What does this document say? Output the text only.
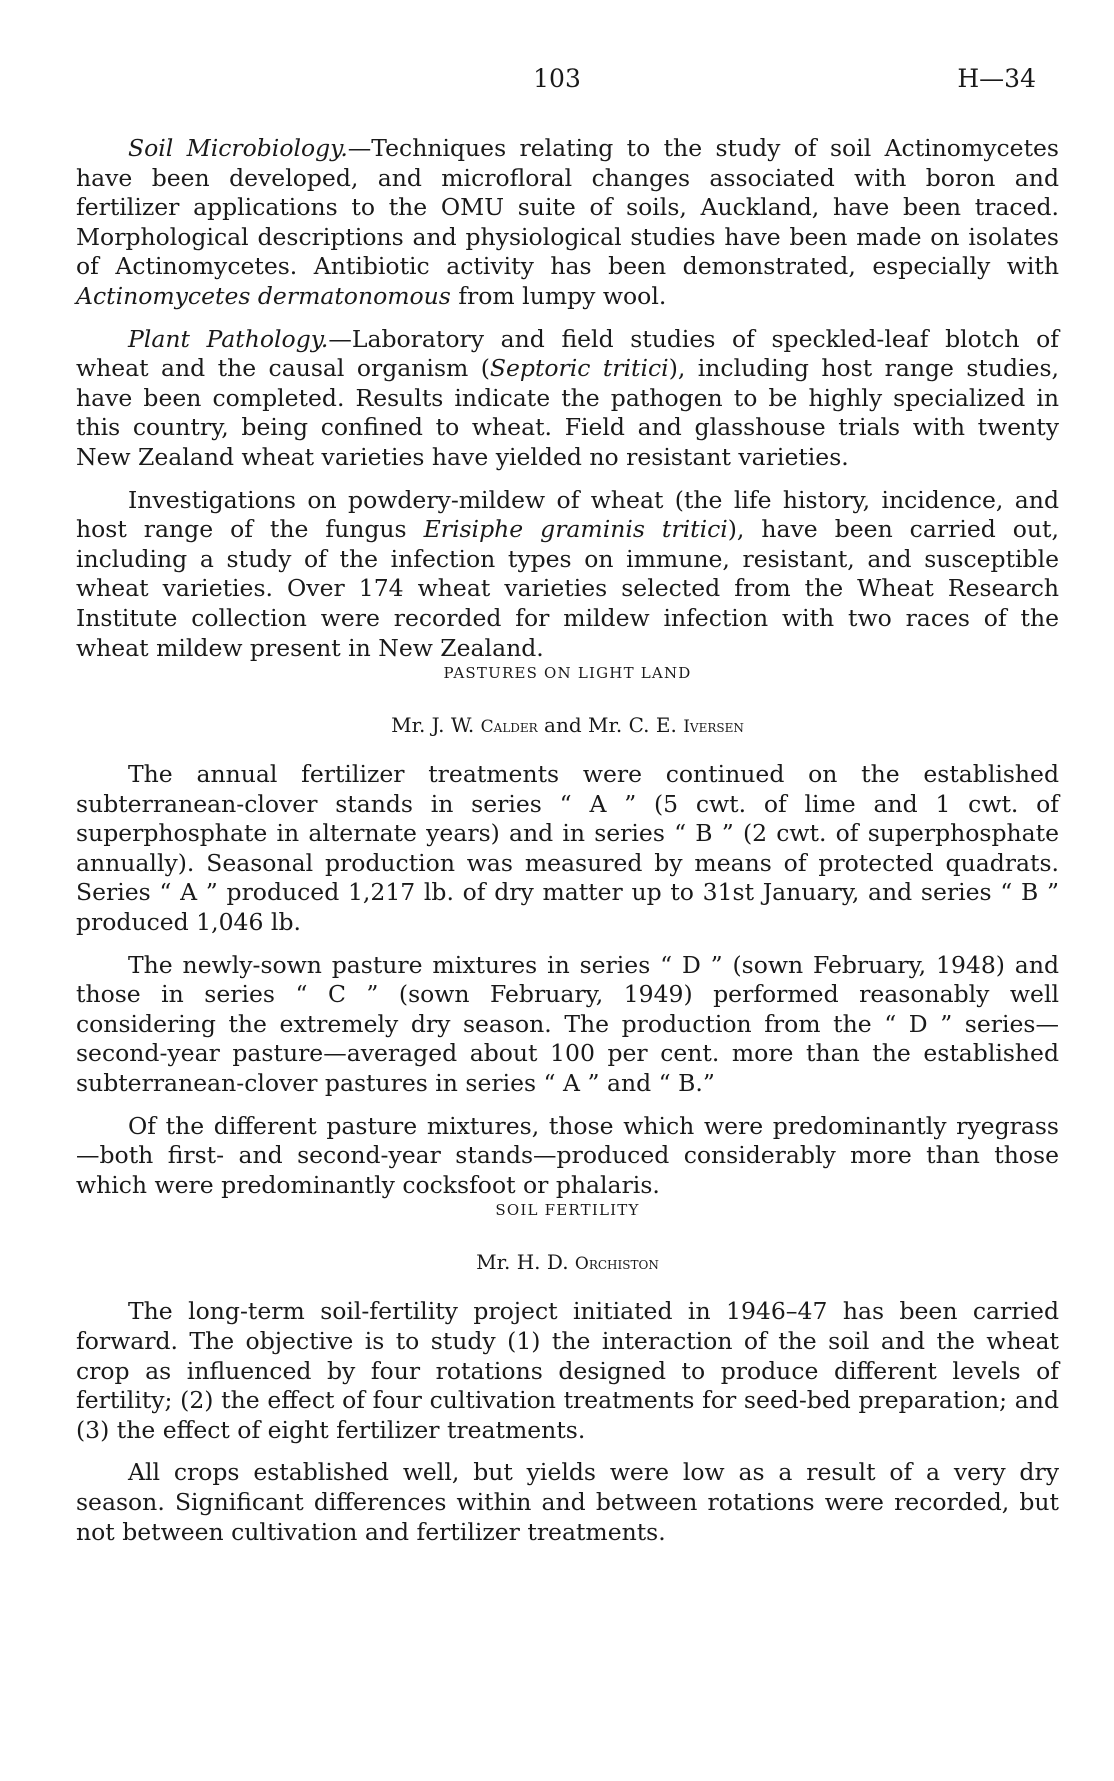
103	H—34

Soil Microbiology.—Techniques relating to the study of soil Actinomycetes have been developed, and microfloral changes associated with boron and fertilizer applications to the OMU suite of soils, Auckland, have been traced. Morphological descriptions and physiological studies have been made on isolates of Actinomycetes. Antibiotic activity has been demonstrated, especially with Actinomycetes dermatonomous from lumpy wool.

Plant Pathology.—Laboratory and field studies of speckled-leaf blotch of wheat and the causal organism (Septoric tritici), including host range studies, have been completed. Results indicate the pathogen to be highly specialized in this country, being confined to wheat. Field and glasshouse trials with twenty New Zealand wheat varieties have yielded no resistant varieties.

Investigations on powdery-mildew of wheat (the life history, incidence, and host range of the fungus Erisiphe graminis tritici), have been carried out, including a study of the infection types on immune, resistant, and susceptible wheat varieties. Over 174 wheat varieties selected from the Wheat Research Institute collection were recorded for mildew infection with two races of the wheat mildew present in New Zealand.

PASTURES ON LIGHT LAND

Mr. J. W. Calder and Mr. C. E. Iversen

The annual fertilizer treatments were continued on the established subterranean-clover stands in series “ A ” (5 cwt. of lime and 1 cwt. of superphosphate in alternate years) and in series “ B ” (2 cwt. of superphosphate annually). Seasonal production was measured by means of protected quadrats. Series “ A ” produced 1,217 lb. of dry matter up to 31st January, and series “ B ” produced 1,046 lb.

The newly-sown pasture mixtures in series “ D ” (sown February, 1948) and those in series “ C ” (sown February, 1949) performed reasonably well considering the extremely dry season. The production from the “ D ” series—second-year pasture—averaged about 100 per cent. more than the established subterranean-clover pastures in series “ A ” and “ B.”

Of the different pasture mixtures, those which were predominantly ryegrass—both first- and second-year stands—produced considerably more than those which were predominantly cocksfoot or phalaris.

SOIL FERTILITY

Mr. H. D. Orchiston

The long-term soil-fertility project initiated in 1946–47 has been carried forward. The objective is to study (1) the interaction of the soil and the wheat crop as influenced by four rotations designed to produce different levels of fertility; (2) the effect of four cultivation treatments for seed-bed preparation; and (3) the effect of eight fertilizer treatments.

All crops established well, but yields were low as a result of a very dry season. Significant differences within and between rotations were recorded, but not between cultivation and fertilizer treatments.
